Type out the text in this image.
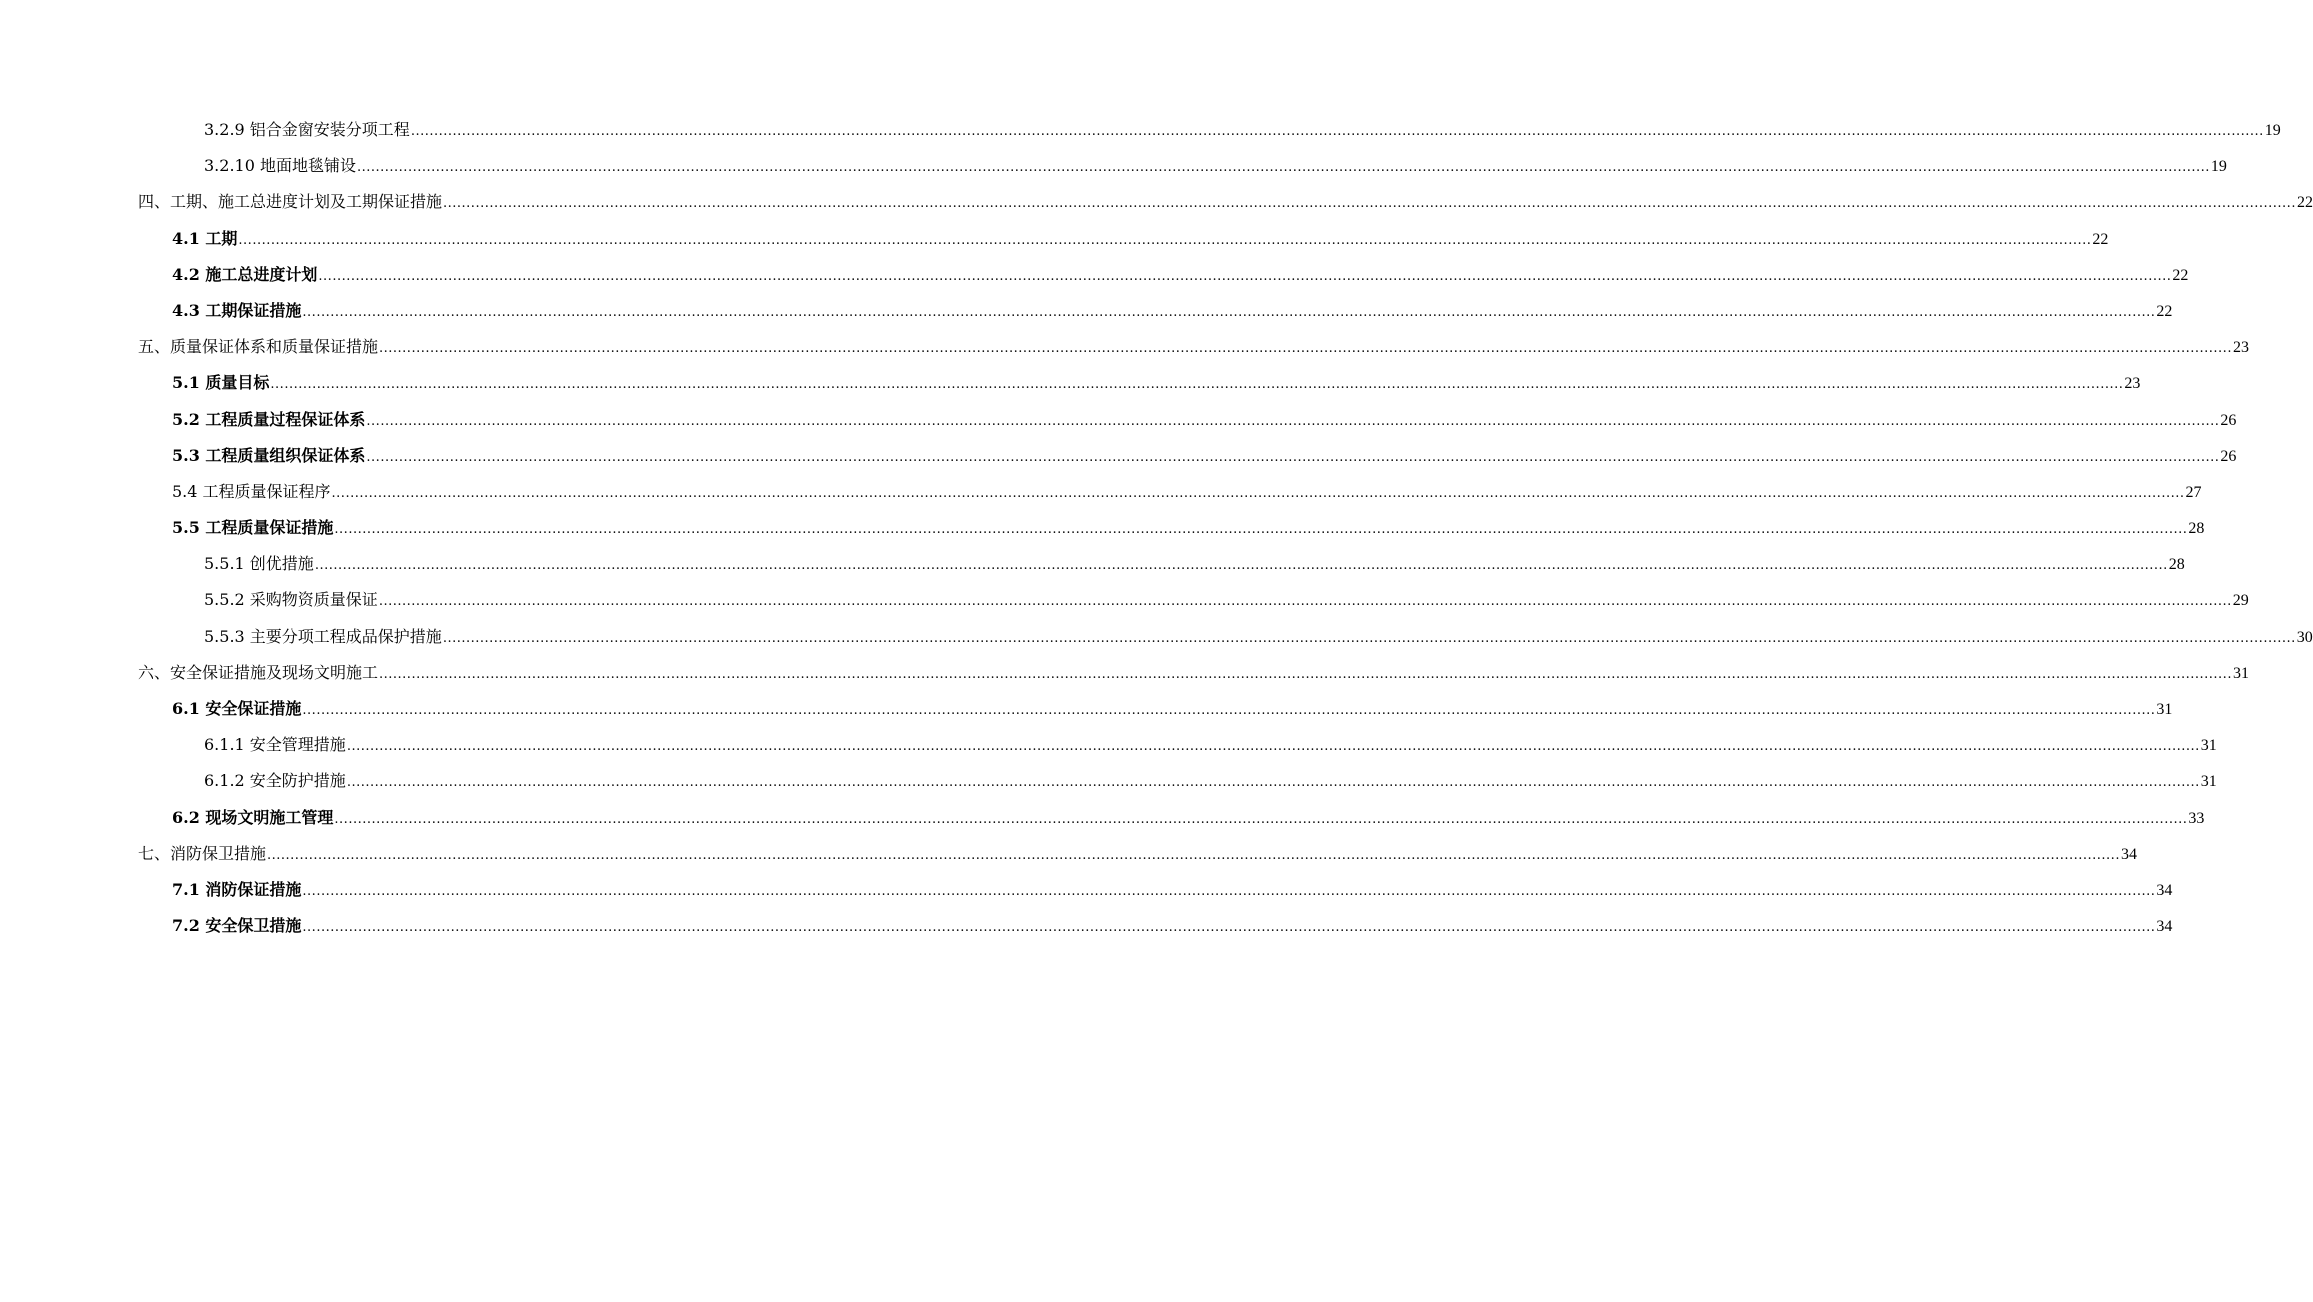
3.2.9 铝合金窗安装分项工程 ................................................................................................................................................................................................................................................................................................................................................................................................................ 19
3.2.10 地面地毯铺设 ................................................................................................................................................................................................................................................................................................................................................................................................................ 19
四、工期、施工总进度计划及工期保证措施 ................................................................................................................................................................................................................................................................................................................................................................................................................ 22
4.1 工期 ................................................................................................................................................................................................................................................................................................................................................................................................................ 22
4.2 施工总进度计划 ................................................................................................................................................................................................................................................................................................................................................................................................................ 22
4.3 工期保证措施 ................................................................................................................................................................................................................................................................................................................................................................................................................ 22
五、质量保证体系和质量保证措施 ................................................................................................................................................................................................................................................................................................................................................................................................................ 23
5.1 质量目标 ................................................................................................................................................................................................................................................................................................................................................................................................................ 23
5.2 工程质量过程保证体系 ................................................................................................................................................................................................................................................................................................................................................................................................................ 26
5.3 工程质量组织保证体系 ................................................................................................................................................................................................................................................................................................................................................................................................................ 26
5.4 工程质量保证程序 ................................................................................................................................................................................................................................................................................................................................................................................................................ 27
5.5 工程质量保证措施 ................................................................................................................................................................................................................................................................................................................................................................................................................ 28
5.5.1 创优措施 ................................................................................................................................................................................................................................................................................................................................................................................................................ 28
5.5.2 采购物资质量保证 ................................................................................................................................................................................................................................................................................................................................................................................................................ 29
5.5.3 主要分项工程成品保护措施 ................................................................................................................................................................................................................................................................................................................................................................................................................ 30
六、安全保证措施及现场文明施工 ................................................................................................................................................................................................................................................................................................................................................................................................................ 31
6.1 安全保证措施 ................................................................................................................................................................................................................................................................................................................................................................................................................ 31
6.1.1 安全管理措施 ................................................................................................................................................................................................................................................................................................................................................................................................................ 31
6.1.2 安全防护措施 ................................................................................................................................................................................................................................................................................................................................................................................................................ 31
6.2 现场文明施工管理 ................................................................................................................................................................................................................................................................................................................................................................................................................ 33
七、消防保卫措施 ................................................................................................................................................................................................................................................................................................................................................................................................................ 34
7.1 消防保证措施 ................................................................................................................................................................................................................................................................................................................................................................................................................ 34
7.2 安全保卫措施 ................................................................................................................................................................................................................................................................................................................................................................................................................ 34
